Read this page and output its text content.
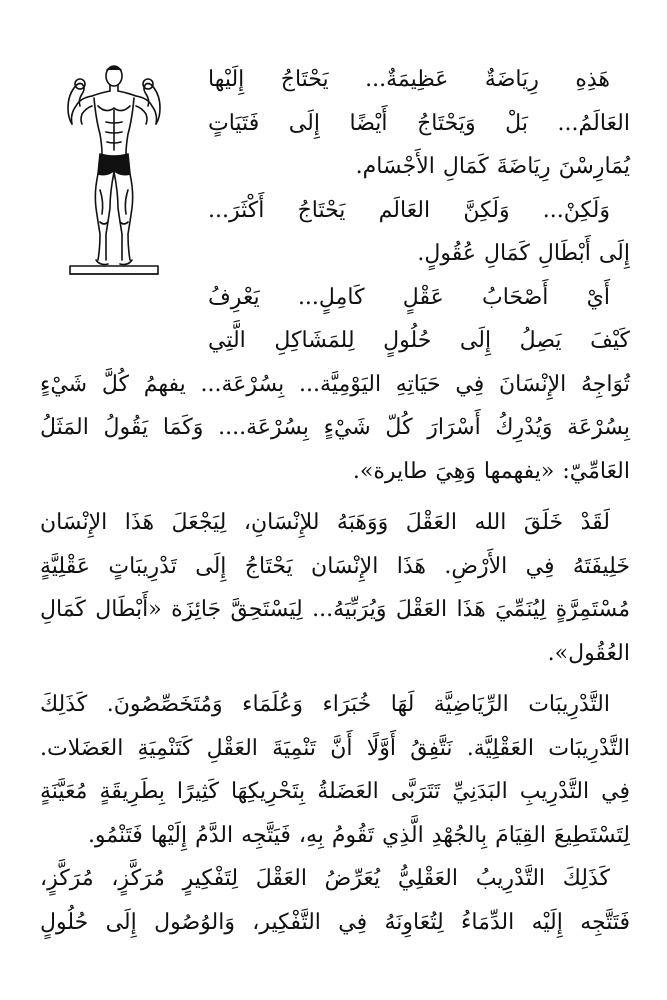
هَذِهِ رِيَاضَةٌ عَظِيمَةٌ... يَحْتَاجُ إِلَيْها
العَالَمُ... بَلْ وَيَحْتَاجُ أَيْضًا إِلَى فَتَيَاتٍ
يُمَارِسْنَ رِيَاضَةَ كَمَالِ الأَجْسَام.

وَلَكِنْ... وَلَكِنَّ العَالَم يَحْتَاجُ أَكْثَرَ...
إِلَى أَبْطَالِ كَمَالِ عُقُولٍ.

أَيْ أَصْحَابُ عَقْلٍ كَامِلٍ... يَعْرِفُ
كَيْفَ يَصِلُ إِلَى حُلُولٍ لِلمَشَاكِلِ الَّتِي
تُوَاجِهُ الإِنْسَانَ فِي حَيَاتِهِ اليَوْمِيَّة... بِسُرْعَة... يفهمُ كُلَّ شَيْءٍ
بِسُرْعَة وَيُدْرِكُ أَسْرَارَ كُلّ شَيْءٍ بِسُرْعَة.... وَكَمَا يَقُولُ المَثَلُ
العَامِّيّ: «يفهمها وَهِيَ طايرة».

لَقَدْ خَلَقَ الله العَقْلَ وَوَهَبَهُ للإِنْسَانِ، لِيَجْعَلَ هَذَا الإِنْسَان
خَلِيفَتَهُ فِي الأَرْضِ. هَذَا الإِنْسَان يَحْتَاجُ إِلَى تَدْرِيبَاتٍ عَقْلِيَّةٍ
مُسْتَمِرَّةٍ لِيُنَمِّيَ هَذَا العَقْلَ وَيُرَبِّيَهُ... لِيَسْتَحِقَّ جَائِزَة «أَبْطَال كَمَالِ
العُقُول».

التَّدْرِيبَات الرِّيَاضِيَّة لَهَا خُبَرَاء وَعُلَمَاء وَمُتَخَصِّصُونَ. كَذَلِكَ
التَّدْرِيبَات العَقْلِيَّة. نَتَّفِقُ أَوَّلًا أَنَّ تَنْمِيَةَ العَقْلِ كَتَنْمِيَةِ العَضَلات.
فِي التَّدْرِيبِ البَدَنِيِّ تَتَرَبَّى العَضَلةُ بِتَحْرِيكِهَا كَثِيرًا بِطَرِيقَةٍ مُعَيَّنَةٍ
لِتَسْتَطِيعَ القِيَامَ بِالجُهْدِ الَّذِي تَقُومُ بِهِ، فَيَتَّجِه الدَّمُ إِلَيْها فَتَنْمُو.

كَذَلِكَ التَّدْرِيبُ العَقْلِيُّ يُعَرِّضُ العَقْلَ لِتَفْكِيرٍ مُرَكَّزٍ، مُرَكَّزٍ،
فَتَتَّجِه إِلَيْه الدِّمَاءُ لِتُعَاوِنَهُ فِي التَّفْكِير، وَالوُصُول إِلَى حُلُولٍ
